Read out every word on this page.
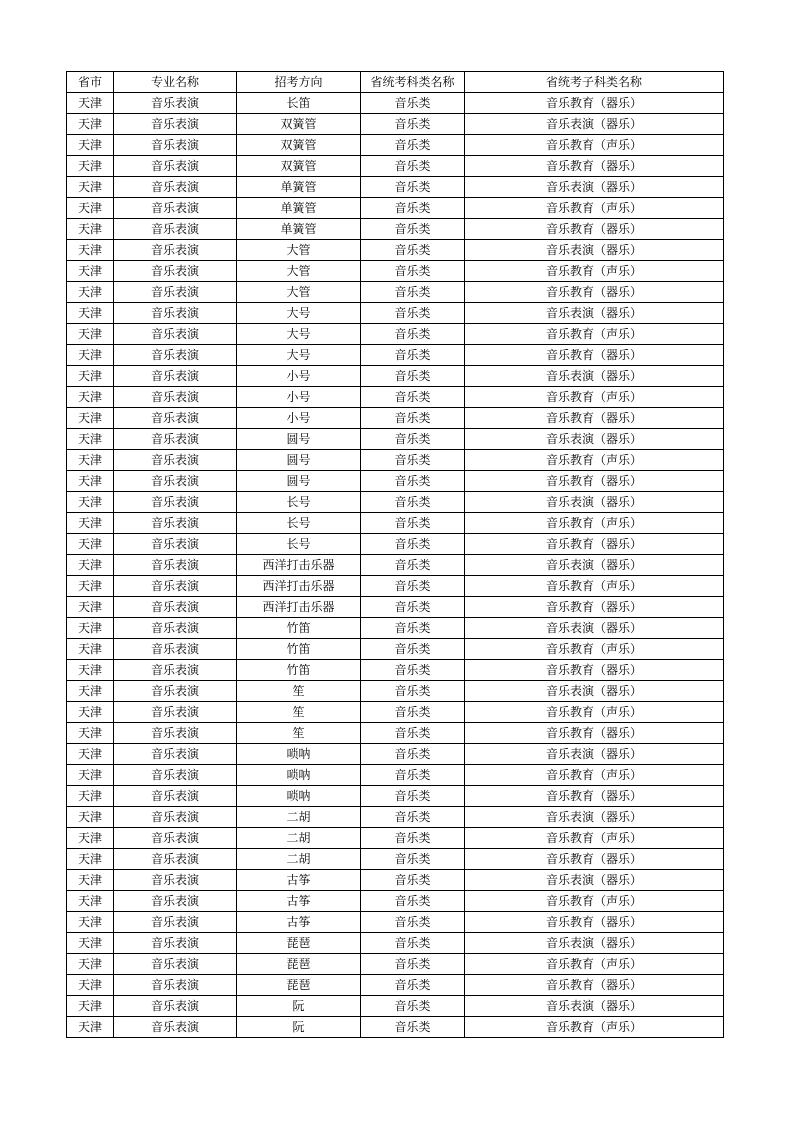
省市	专业名称	招考方向	省统考科类名称	省统考子科类名称
天津	音乐表演	长笛	音乐类	音乐教育（器乐）
天津	音乐表演	双簧管	音乐类	音乐表演（器乐）
天津	音乐表演	双簧管	音乐类	音乐教育（声乐）
天津	音乐表演	双簧管	音乐类	音乐教育（器乐）
天津	音乐表演	单簧管	音乐类	音乐表演（器乐）
天津	音乐表演	单簧管	音乐类	音乐教育（声乐）
天津	音乐表演	单簧管	音乐类	音乐教育（器乐）
天津	音乐表演	大管	音乐类	音乐表演（器乐）
天津	音乐表演	大管	音乐类	音乐教育（声乐）
天津	音乐表演	大管	音乐类	音乐教育（器乐）
天津	音乐表演	大号	音乐类	音乐表演（器乐）
天津	音乐表演	大号	音乐类	音乐教育（声乐）
天津	音乐表演	大号	音乐类	音乐教育（器乐）
天津	音乐表演	小号	音乐类	音乐表演（器乐）
天津	音乐表演	小号	音乐类	音乐教育（声乐）
天津	音乐表演	小号	音乐类	音乐教育（器乐）
天津	音乐表演	圆号	音乐类	音乐表演（器乐）
天津	音乐表演	圆号	音乐类	音乐教育（声乐）
天津	音乐表演	圆号	音乐类	音乐教育（器乐）
天津	音乐表演	长号	音乐类	音乐表演（器乐）
天津	音乐表演	长号	音乐类	音乐教育（声乐）
天津	音乐表演	长号	音乐类	音乐教育（器乐）
天津	音乐表演	西洋打击乐器	音乐类	音乐表演（器乐）
天津	音乐表演	西洋打击乐器	音乐类	音乐教育（声乐）
天津	音乐表演	西洋打击乐器	音乐类	音乐教育（器乐）
天津	音乐表演	竹笛	音乐类	音乐表演（器乐）
天津	音乐表演	竹笛	音乐类	音乐教育（声乐）
天津	音乐表演	竹笛	音乐类	音乐教育（器乐）
天津	音乐表演	笙	音乐类	音乐表演（器乐）
天津	音乐表演	笙	音乐类	音乐教育（声乐）
天津	音乐表演	笙	音乐类	音乐教育（器乐）
天津	音乐表演	唢呐	音乐类	音乐表演（器乐）
天津	音乐表演	唢呐	音乐类	音乐教育（声乐）
天津	音乐表演	唢呐	音乐类	音乐教育（器乐）
天津	音乐表演	二胡	音乐类	音乐表演（器乐）
天津	音乐表演	二胡	音乐类	音乐教育（声乐）
天津	音乐表演	二胡	音乐类	音乐教育（器乐）
天津	音乐表演	古筝	音乐类	音乐表演（器乐）
天津	音乐表演	古筝	音乐类	音乐教育（声乐）
天津	音乐表演	古筝	音乐类	音乐教育（器乐）
天津	音乐表演	琵琶	音乐类	音乐表演（器乐）
天津	音乐表演	琵琶	音乐类	音乐教育（声乐）
天津	音乐表演	琵琶	音乐类	音乐教育（器乐）
天津	音乐表演	阮	音乐类	音乐表演（器乐）
天津	音乐表演	阮	音乐类	音乐教育（声乐）
